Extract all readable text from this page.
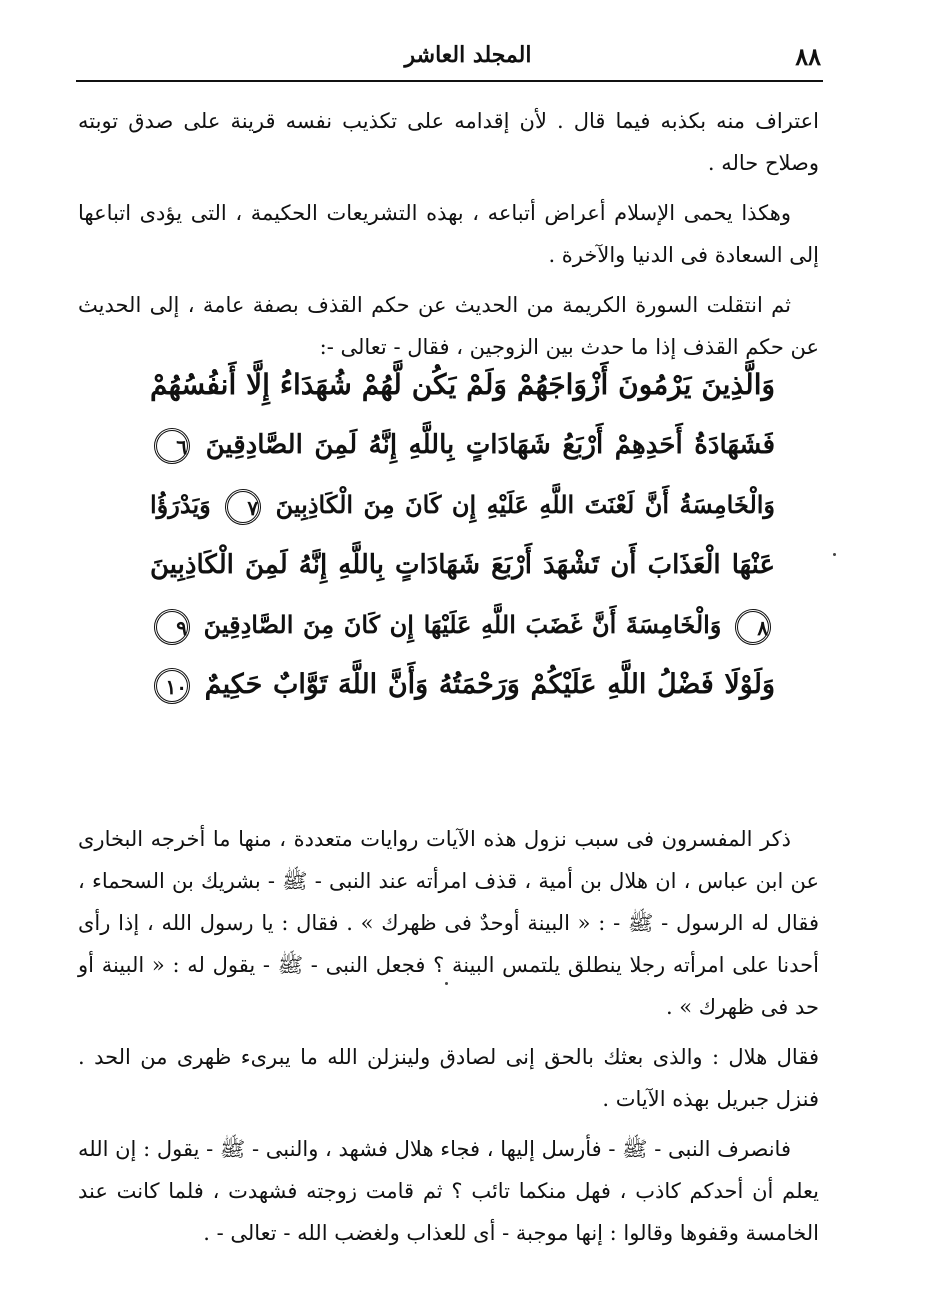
٨٨
المجلد العاشر

اعتراف منه بكذبه فيما قال . لأن إقدامه على تكذيب نفسه قرينة على صدق توبته وصلاح حاله .

وهكذا يحمى الإسلام أعراض أتباعه ، بهذه التشريعات الحكيمة ، التى يؤدى اتباعها إلى السعادة فى الدنيا والآخرة .

ثم انتقلت السورة الكريمة من الحديث عن حكم القذف بصفة عامة ، إلى الحديث عن حكم القذف إذا ما حدث بين الزوجين ، فقال - تعالى -:

وَالَّذِينَ يَرْمُونَ أَزْوَاجَهُمْ وَلَمْ يَكُن لَّهُمْ شُهَدَاءُ إِلَّا أَنفُسُهُمْ
فَشَهَادَةُ أَحَدِهِمْ أَرْبَعُ شَهَادَاتٍ بِاللَّهِ إِنَّهُ لَمِنَ الصَّادِقِينَ ٦
وَالْخَامِسَةُ أَنَّ لَعْنَتَ اللَّهِ عَلَيْهِ إِن كَانَ مِنَ الْكَاذِبِينَ ٧ وَيَدْرَؤُا
عَنْهَا الْعَذَابَ أَن تَشْهَدَ أَرْبَعَ شَهَادَاتٍ بِاللَّهِ إِنَّهُ لَمِنَ الْكَاذِبِينَ
٨ وَالْخَامِسَةَ أَنَّ غَضَبَ اللَّهِ عَلَيْهَا إِن كَانَ مِنَ الصَّادِقِينَ ٩
وَلَوْلَا فَضْلُ اللَّهِ عَلَيْكُمْ وَرَحْمَتُهُ وَأَنَّ اللَّهَ تَوَّابٌ حَكِيمٌ ١٠

ذكر المفسرون فى سبب نزول هذه الآيات روايات متعددة ، منها ما أخرجه البخارى عن ابن عباس ، ان هلال بن أمية ، قذف امرأته عند النبى - ﷺ - بشريك بن السحماء ، فقال له الرسول - ﷺ - : « البينة أوحدٌ فى ظهرك » . فقال : يا رسول الله ، إذا رأى أحدنا على امرأته رجلا ينطلق يلتمس البينة ؟ فجعل النبى - ﷺ - يقول له : « البينة أو حد فى ظهرك » .

فقال هلال : والذى بعثك بالحق إنى لصادق ولينزلن الله ما يبرىء ظهرى من الحد . فنزل جبريل بهذه الآيات .

فانصرف النبى - ﷺ - فأرسل إليها ، فجاء هلال فشهد ، والنبى - ﷺ - يقول : إن الله يعلم أن أحدكم كاذب ، فهل منكما تائب ؟ ثم قامت زوجته فشهدت ، فلما كانت عند الخامسة وقفوها وقالوا : إنها موجبة - أى للعذاب ولغضب الله - تعالى - .
